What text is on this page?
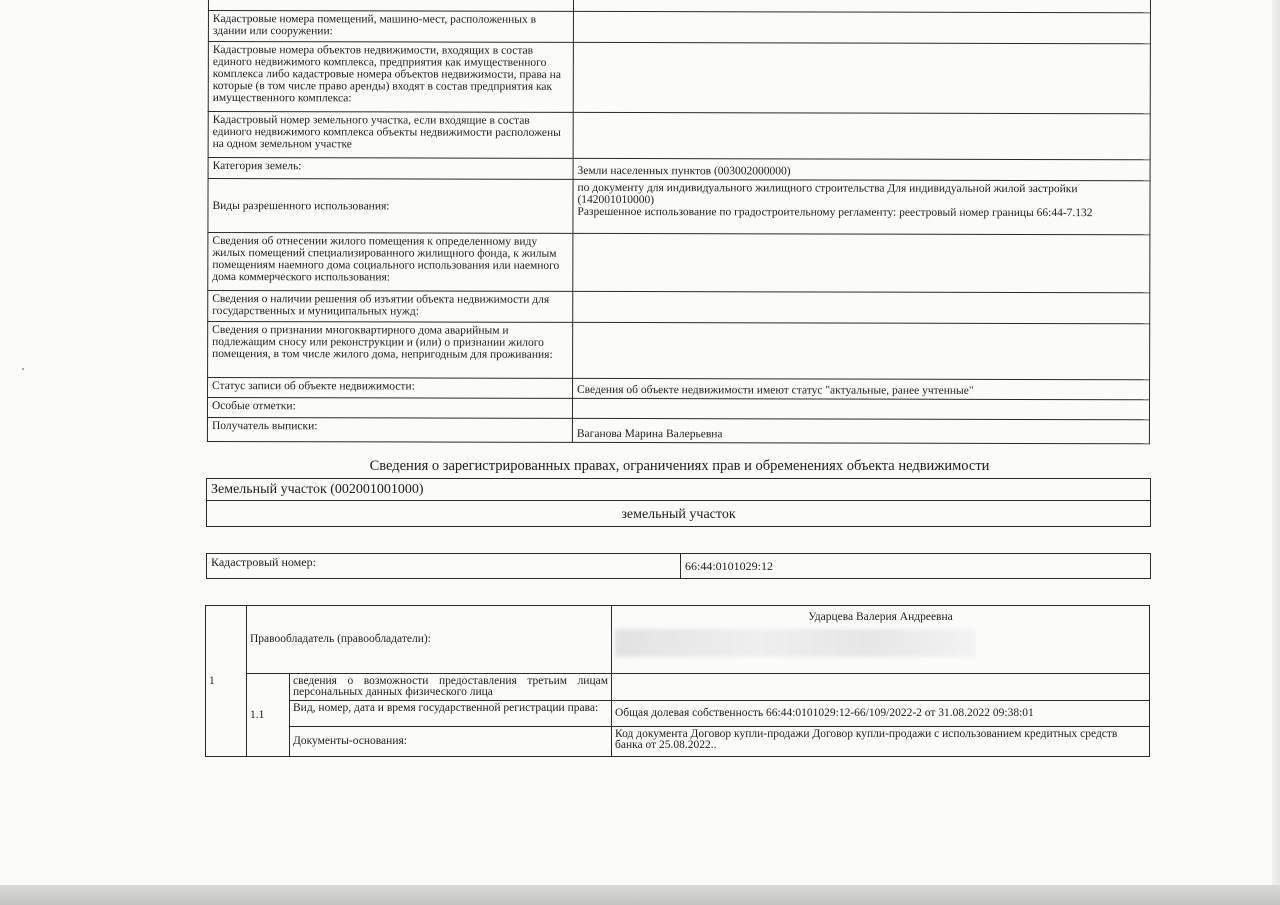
Кадастровые номера помещений, машино-мест, расположенных в здании или сооружении:	
Кадастровые номера объектов недвижимости, входящих в состав единого недвижимого комплекса, предприятия как имущественного комплекса либо кадастровые номера объектов недвижимости, права на которые (в том числе право аренды) входят в состав предприятия как имущественного комплекса:	
Кадастровый номер земельного участка, если входящие в состав единого недвижимого комплекса объекты недвижимости расположены на одном земельном участке	
Категория земель:	Земли населенных пунктов (003002000000)
Виды разрешенного использования:	по документу для индивидуального жилищного строительства Для индивидуальной жилой застройки (142001010000)
Разрешенное использование по градостроительному регламенту: реестровый номер границы 66:44-7.132

Сведения об отнесении жилого помещения к определенному виду жилых помещений специализированного жилищного фонда, к жилым помещениям наемного дома социального использования или наемного дома коммерческого использования:	
Сведения о наличии решения об изъятии объекта недвижимости для государственных и муниципальных нужд:	
Сведения о признании многоквартирного дома аварийным и подлежащим сносу или реконструкции и (или) о признании жилого помещения, в том числе жилого дома, непригодным для проживания:	
Статус записи об объекте недвижимости:	Сведения об объекте недвижимости имеют статус "актуальные, ранее учтенные"
Особые отметки:	
Получатель выписки:	Ваганова Марина Валерьевна
Сведения о зарегистрированных правах, ограничениях прав и обременениях объекта недвижимости
Земельный участок (002001001000)
земельный участок
Кадастровый номер:	66:44:0101029:12
1	Правообладатель (правообладатели):		Ударцева Валерия Андреевна

	1.1	сведения о возможности предоставления третьим лицам персональных данных физического лица	
		Вид, номер, дата и время государственной регистрации права:	Общая долевая собственность 66:44:0101029:12-66/109/2022-2 от 31.08.2022 09:38:01
		Документы-основания:	Код документа Договор купли-продажи Договор купли-продажи с использованием кредитных средств банка от 25.08.2022..
